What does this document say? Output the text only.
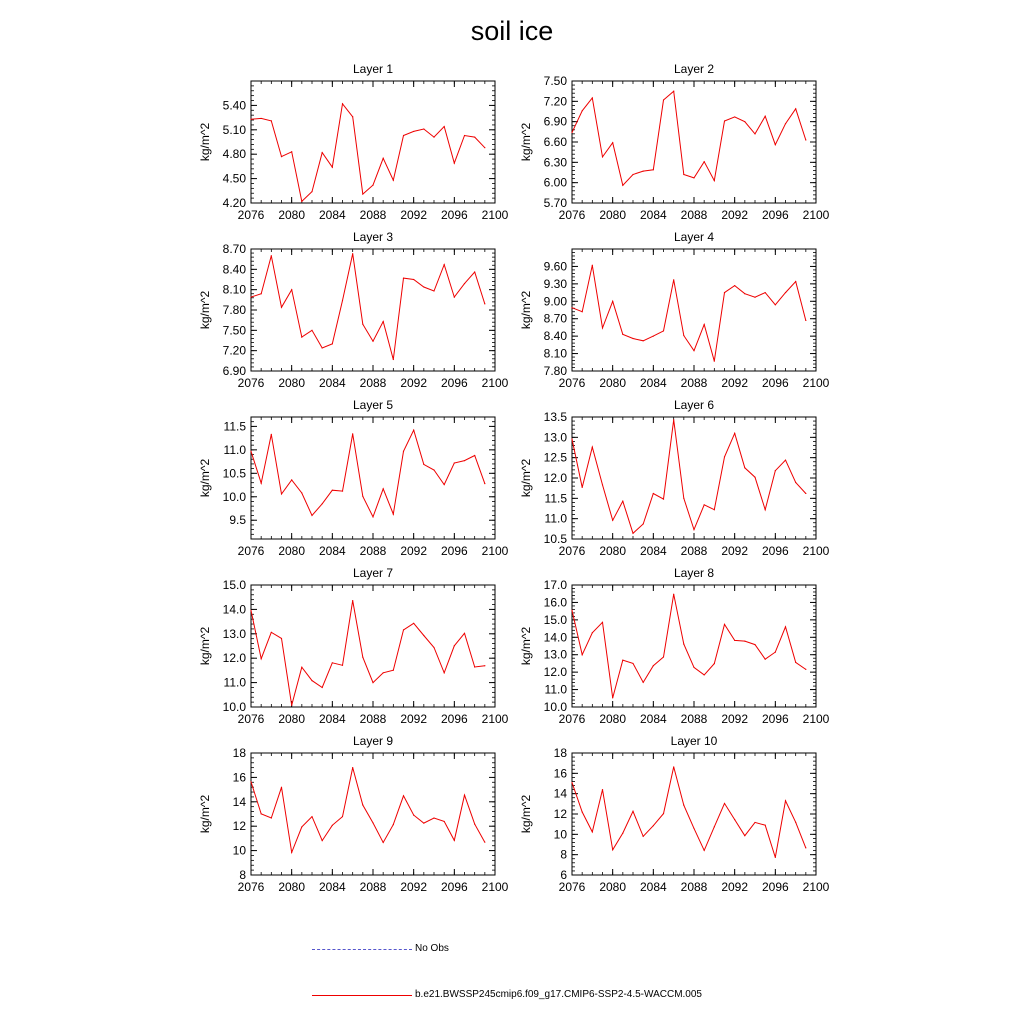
soil ice
2076 2080 2084 2088 2092 2096 2100
4.20
4.50
4.80
5.10
5.40
Layer 1
kg/m^2
2076 2080 2084 2088 2092 2096 2100
5.70
6.00
6.30
6.60
6.90
7.20
7.50
Layer 2
kg/m^2
2076 2080 2084 2088 2092 2096 2100
6.90
7.20
7.50
7.80
8.10
8.40
8.70
Layer 3
kg/m^2
2076 2080 2084 2088 2092 2096 2100
7.80
8.10
8.40
8.70
9.00
9.30
9.60
Layer 4
kg/m^2
2076 2080 2084 2088 2092 2096 2100
9.5
10.0
10.5
11.0
11.5
Layer 5
kg/m^2
2076 2080 2084 2088 2092 2096 2100
10.5
11.0
11.5
12.0
12.5
13.0
13.5
Layer 6
kg/m^2
2076 2080 2084 2088 2092 2096 2100
10.0
11.0
12.0
13.0
14.0
15.0
Layer 7
kg/m^2
2076 2080 2084 2088 2092 2096 2100
10.0
11.0
12.0
13.0
14.0
15.0
16.0
17.0
Layer 8
kg/m^2
2076 2080 2084 2088 2092 2096 2100
8
10
12
14
16
18
Layer 9
kg/m^2
2076 2080 2084 2088 2092 2096 2100
6
8
10
12
14
16
18
Layer 10
kg/m^2
No Obs
b.e21.BWSSP245cmip6.f09_g17.CMIP6-SSP2-4.5-WACCM.005
